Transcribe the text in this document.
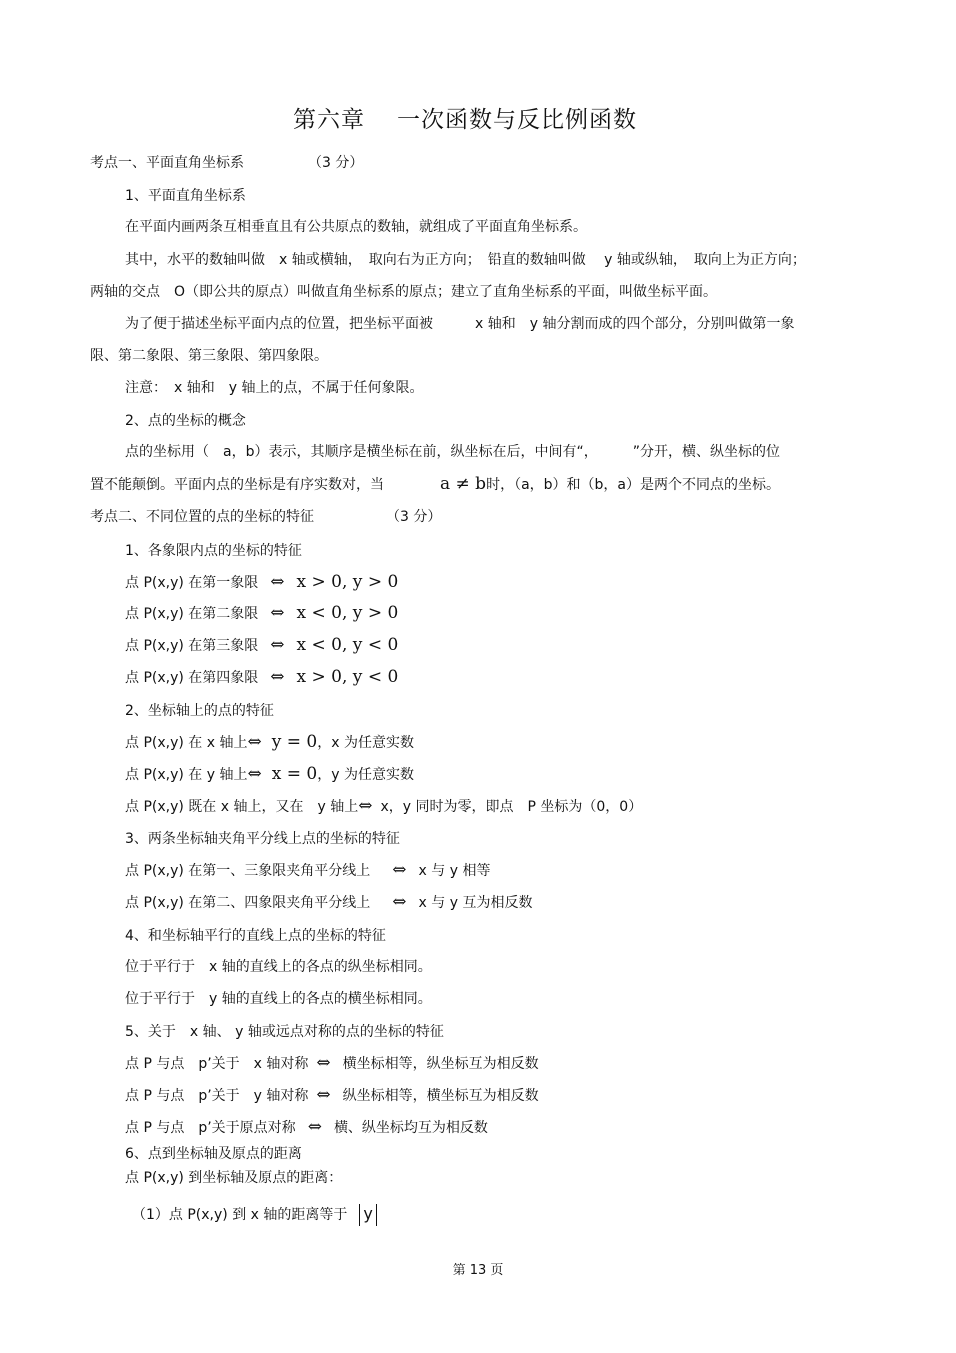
第六章 一次函数与反比例函数
考点一、平面直角坐标系	（3 分）
1、平面直角坐标系
在平面内画两条互相垂直且有公共原点的数轴，就组成了平面直角坐标系。
其中，水平的数轴叫做　x 轴或横轴，　取向右为正方向；　铅直的数轴叫做　 y 轴或纵轴，　取向上为正方向；
两轴的交点　O（即公共的原点）叫做直角坐标系的原点；建立了直角坐标系的平面，叫做坐标平面。
为了便于描述坐标平面内点的位置，把坐标平面被　　　x 轴和　y 轴分割而成的四个部分，分别叫做第一象
限、第二象限、第三象限、第四象限。
注意：　x 轴和　y 轴上的点，不属于任何象限。
2、点的坐标的概念
点的坐标用（　a，b）表示，其顺序是横坐标在前，纵坐标在后，中间有“，　　　”分开，横、纵坐标的位
置不能颠倒。平面内点的坐标是有序实数对，当	a ≠ b时，（a，b）和（b，a）是两个不同点的坐标。
考点二、不同位置的点的坐标的特征	（3 分）
1、各象限内点的坐标的特征
点 P(x,y) 在第一象限 ⇔ x > 0, y > 0
点 P(x,y) 在第二象限 ⇔ x < 0, y > 0
点 P(x,y) 在第三象限 ⇔ x < 0, y < 0
点 P(x,y) 在第四象限 ⇔ x > 0, y < 0
2、坐标轴上的点的特征
点 P(x,y) 在 x 轴上⇔ y = 0，x 为任意实数
点 P(x,y) 在 y 轴上⇔ x = 0，y 为任意实数
点 P(x,y) 既在 x 轴上，又在　y 轴上⇔ x，y 同时为零，即点　P 坐标为（0，0）
3、两条坐标轴夹角平分线上点的坐标的特征
点 P(x,y) 在第一、三象限夹角平分线上 ⇔ x 与 y 相等
点 P(x,y) 在第二、四象限夹角平分线上 ⇔ x 与 y 互为相反数
4、和坐标轴平行的直线上点的坐标的特征
位于平行于　x 轴的直线上的各点的纵坐标相同。
位于平行于　y 轴的直线上的各点的横坐标相同。
5、关于　x 轴、 y 轴或远点对称的点的坐标的特征
点 P 与点　p’关于　x 轴对称 ⇔ 横坐标相等，纵坐标互为相反数
点 P 与点　p’关于　y 轴对称 ⇔ 纵坐标相等，横坐标互为相反数
点 P 与点　p’关于原点对称 ⇔ 横、纵坐标均互为相反数
6、点到坐标轴及原点的距离
点 P(x,y) 到坐标轴及原点的距离：
（1）点 P(x,y) 到 x 轴的距离等于 y
第 13 页
